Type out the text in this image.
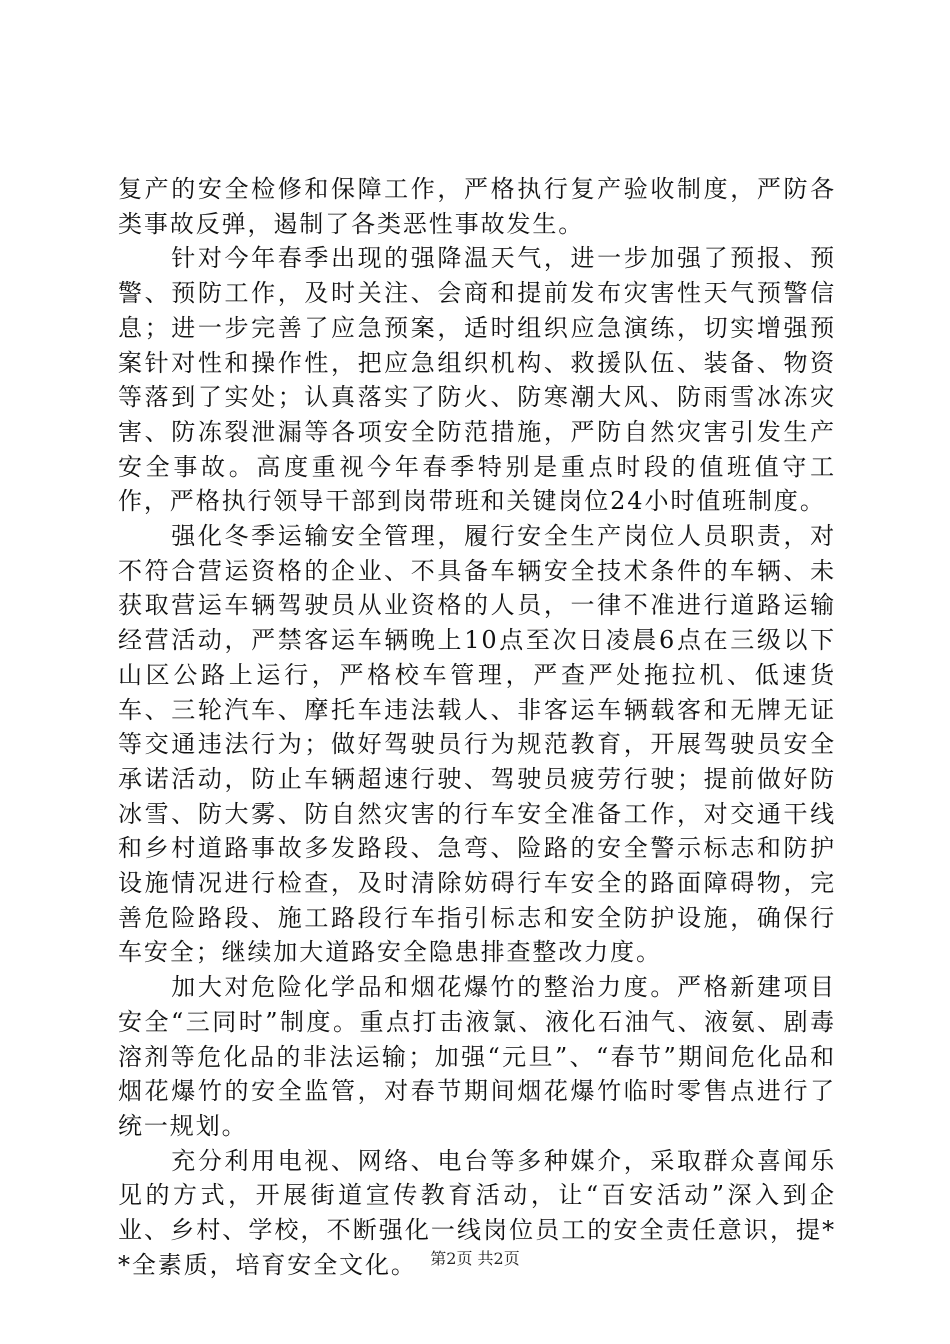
复产的安全检修和保障工作，严格执行复产验收制度，严防各类事故反弹，遏制了各类恶性事故发生。

　　针对今年春季出现的强降温天气，进一步加强了预报、预警、预防工作，及时关注、会商和提前发布灾害性天气预警信息；进一步完善了应急预案，适时组织应急演练，切实增强预案针对性和操作性，把应急组织机构、救援队伍、装备、物资等落到了实处；认真落实了防火、防寒潮大风、防雨雪冰冻灾害、防冻裂泄漏等各项安全防范措施，严防自然灾害引发生产安全事故。高度重视今年春季特别是重点时段的值班值守工作，严格执行领导干部到岗带班和关键岗位24小时值班制度。

　　强化冬季运输安全管理，履行安全生产岗位人员职责，对不符合营运资格的企业、不具备车辆安全技术条件的车辆、未获取营运车辆驾驶员从业资格的人员，一律不准进行道路运输经营活动，严禁客运车辆晚上10点至次日凌晨6点在三级以下山区公路上运行，严格校车管理，严查严处拖拉机、低速货车、三轮汽车、摩托车违法载人、非客运车辆载客和无牌无证等交通违法行为；做好驾驶员行为规范教育，开展驾驶员安全承诺活动，防止车辆超速行驶、驾驶员疲劳行驶；提前做好防冰雪、防大雾、防自然灾害的行车安全准备工作，对交通干线和乡村道路事故多发路段、急弯、险路的安全警示标志和防护设施情况进行检查，及时清除妨碍行车安全的路面障碍物，完善危险路段、施工路段行车指引标志和安全防护设施，确保行车安全；继续加大道路安全隐患排查整改力度。

　　加大对危险化学品和烟花爆竹的整治力度。严格新建项目安全“三同时”制度。重点打击液氯、液化石油气、液氨、剧毒溶剂等危化品的非法运输；加强“元旦”、“春节”期间危化品和烟花爆竹的安全监管，对春节期间烟花爆竹临时零售点进行了统一规划。

　　充分利用电视、网络、电台等多种媒介，采取群众喜闻乐见的方式，开展街道宣传教育活动，让“百安活动”深入到企业、乡村、学校，不断强化一线岗位员工的安全责任意识，提**全素质，培育安全文化。 第2页 共2页
